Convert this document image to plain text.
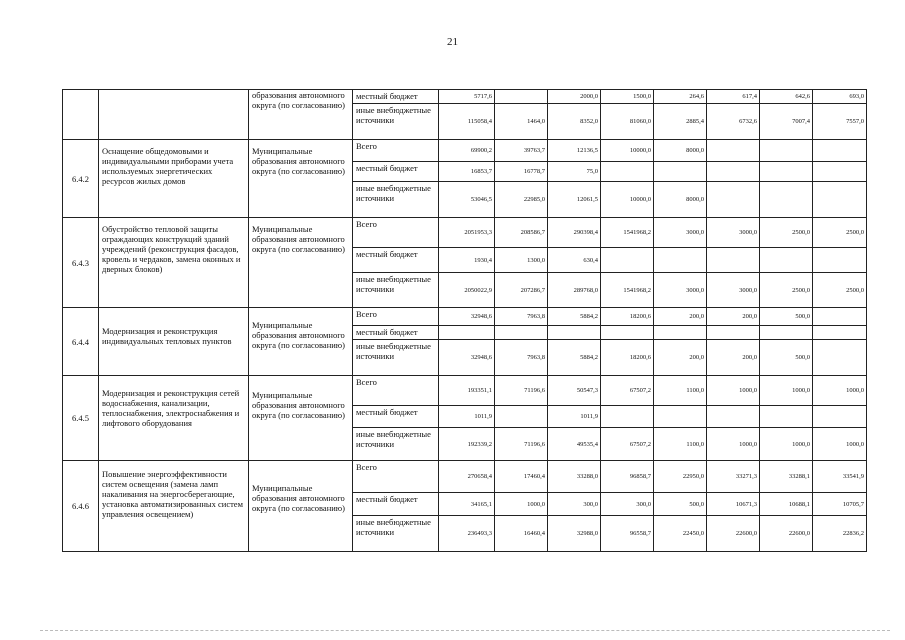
21
		образования автономного округа (по согласованию)	местный бюджет	5717,6		2000,0	1500,0	264,6	617,4	642,6	693,0
			иные внебюджетные источники	115058,4	1464,0	8352,0	81060,0	2885,4	6732,6	7007,4	7557,0
6.4.2	Оснащение общедомовыми и индивидуальными приборами учета используемых энергетических ресурсов жилых домов	Муниципальные образования автономного округа (по согласованию)	Всего	69900,2	39763,7	12136,5	10000,0	8000,0			
			местный бюджет	16853,7	16778,7	75,0					
			иные внебюджетные источники	53046,5	22985,0	12061,5	10000,0	8000,0			
6.4.3	Обустройство тепловой защиты ограждающих конструкций зданий учреждений (реконструкция фасадов, кровель и чердаков, замена оконных и дверных блоков)	Муниципальные образования автономного округа (по согласованию)	Всего	2051953,3	208586,7	290398,4	1541968,2	3000,0	3000,0	2500,0	2500,0
			местный бюджет	1930,4	1300,0	630,4					
			иные внебюджетные источники	2050022,9	207286,7	289768,0	1541968,2	3000,0	3000,0	2500,0	2500,0
6.4.4	Модернизация и реконструкция индивидуальных тепловых пунктов	Муниципальные образования автономного округа (по согласованию)	Всего	32948,6	7963,8	5884,2	18200,6	200,0	200,0	500,0	
			местный бюджет								
			иные внебюджетные источники	32948,6	7963,8	5884,2	18200,6	200,0	200,0	500,0	
6.4.5	Модернизация и реконструкция сетей водоснабжения, канализации, теплоснабжения, электроснабжения и лифтового оборудования	Муниципальные образования автономного округа (по согласованию)	Всего	193351,1	71196,6	50547,3	67507,2	1100,0	1000,0	1000,0	1000,0
			местный бюджет	1011,9		1011,9					
			иные внебюджетные источники	192339,2	71196,6	49535,4	67507,2	1100,0	1000,0	1000,0	1000,0
6.4.6	Повышение энергоэффективности систем освещения (замена ламп накаливания на энергосберегающие, установка автоматизированных систем управления освещением)	Муниципальные образования автономного округа (по согласованию)	Всего	270658,4	17460,4	33288,0	96858,7	22950,0	33271,3	33288,1	33541,9
			местный бюджет	34165,1	1000,0	300,0	300,0	500,0	10671,3	10688,1	10705,7
			иные внебюджетные источники	236493,3	16460,4	32988,0	96558,7	22450,0	22600,0	22600,0	22836,2
